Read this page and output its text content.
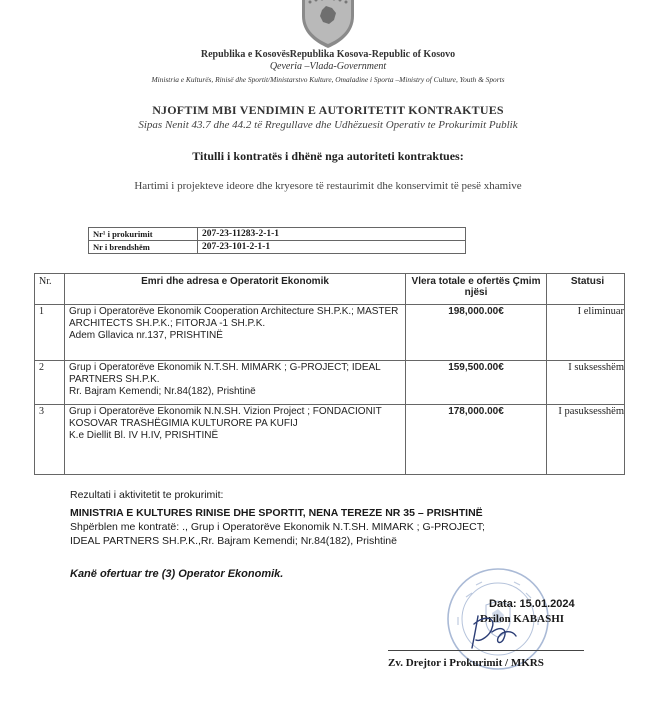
Republika e KosovësRepublika Kosova-Republic of Kosovo
Qeveria –Vlada-Government
Ministria e Kulturës, Rinisë dhe Sportit/Ministarstvo Kulture, Omaladine i Sporta –Ministry of Culture, Youth & Sports
NJOFTIM MBI VENDIMIN E AUTORITETIT KONTRAKTUES
Sipas Nenit 43.7 dhe 44.2 të Rregullave dhe Udhëzuesit Operativ te Prokurimit Publik
Titulli i kontratës i dhënë nga autoriteti kontraktues:
Hartimi i projekteve ideore dhe kryesore të restaurimit dhe konservimit të pesë xhamive
Nr¹ i prokurimit	207-23-11283-2-1-1
Nr i brendshëm	207-23-101-2-1-1
Nr.	Emri dhe adresa e Operatorit Ekonomik	Vlera totale e ofertës Çmim njësi	Statusi
1	Grup i Operatorëve Ekonomik Cooperation Architecture SH.P.K.; MASTER ARCHITECTS SH.P.K.; FITORJA -1 SH.P.K.
Adem Gllavica nr.137, PRISHTINË	198,000.00€	I eliminuar
2	Grup i Operatorëve Ekonomik N.T.SH. MIMARK ; G-PROJECT; IDEAL PARTNERS SH.P.K.
Rr. Bajram Kemendi; Nr.84(182), Prishtinë	159,500.00€	I suksesshëm
3	Grup i Operatorëve Ekonomik N.N.SH. Vizion Project ; FONDACIONIT KOSOVAR TRASHËGIMIA KULTURORE PA KUFIJ
K.e Diellit Bl. IV H.IV, PRISHTINË	178,000.00€	I pasuksesshëm
Rezultati i aktivitetit te prokurimit:
MINISTRIA E KULTURES RINISE DHE SPORTIT, NENA TEREZE NR 35 – PRISHTINË
Shpërblen me kontratë: ., Grup i Operatorëve Ekonomik N.T.SH. MIMARK ; G-PROJECT;
IDEAL PARTNERS SH.P.K.,Rr. Bajram Kemendi; Nr.84(182), Prishtinë
Kanë ofertuar tre (3) Operator Ekonomik.
Data: 15.01.2024
Drilon KABASHI
Zv. Drejtor i Prokurimit / MKRS
